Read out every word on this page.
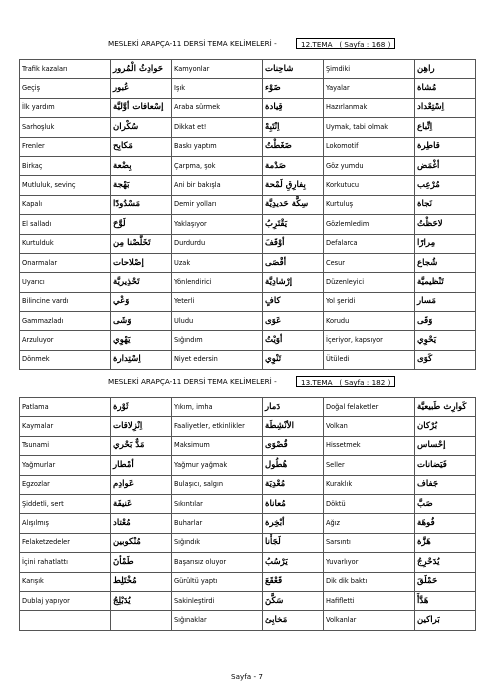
MESLEKİ ARAPÇA-11 DERSİ TEMA KELİMELERİ -	12.TEMA ( Sayfa : 168 )
Trafik kazaları	حَوادِثُ الْمُرور	Kamyonlar	شاحِنات	Şimdiki	راهِن
Geçiş	عُبور	Işık	ضَوْء	Yayalar	مُشاة
İlk yardım	إسْعافات أوَّليَّة	Araba sürmek	قِيادة	Hazırlanmak	اِسْتِعْداد
Sarhoşluk	سُكْران	Dikkat et!	اِنْتَبِهْ	Uymak, tabi olmak	اِتِّباع
Frenler	مَكابِح	Baskı yaptım	ضَغَطْتُ	Lokomotif	قاطِرة
Birkaç	بِضْعة	Çarpma, şok	صَدْمة	Göz yumdu	أغْمَض
Mutluluk, sevinç	بَهْجة	Ani bir bakışla	بِفارِقِ لَمْحة	Korkutucu	مُرْعِب
Kapalı	مَسْدُودًا	Demir yolları	سِكَّة حَديدِيَّة	Kurtuluş	نَجاة
El salladı	لَوَّحَ	Yaklaşıyor	يَقْتَرِبُ	Gözlemledim	لاحَظْتُ
Kurtulduk	تَخَلَّصْنا مِن	Durdurdu	أوْقَفَ	Defalarca	مِرارًا
Onarmalar	إصْلاحات	Uzak	أقْصَى	Cesur	شُجاع
Uyarıcı	تَحْذِيريَّة	Yönlendirici	إرْشادِيَّة	Düzenleyici	تَنْظيميَّة
Bilincine vardı	وَعْي	Yeterli	كافٍ	Yol şeridi	مَسار
Gammazladı	وَشَى	Uludu	عَوَى	Korudu	وَقَى
Arzuluyor	يَهْوِي	Sığındım	أوَيْتُ	İçeriyor, kapsıyor	يَحْوِي
Dönmek	اِسْتِدارة	Niyet edersin	تَنْوِي	Ütüledi	كَوَى
MESLEKİ ARAPÇA-11 DERSİ TEMA KELİMELERİ -	13.TEMA ( Sayfa : 182 )
Patlama	ثَوْرة	Yıkım, imha	دَمار	Doğal felaketler	كَوارِث طَبيعيَّة
Kaymalar	اِنْزِلاقات	Faaliyetler, etkinlikler	الأنْشِطَة	Volkan	بُرْكان
Tsunami	مَدٌّ بَحْري	Maksimum	قُصْوَى	Hissetmek	إحْساس
Yağmurlar	أمْطار	Yağmur yağmak	هُطُول	Seller	فَيَضانات
Egzozlar	عَوادِم	Bulaşıcı, salgın	مُعْدِيَة	Kuraklık	جَفاف
Şiddetli, sert	عَنيفَة	Sıkıntılar	مُعاناة	Döktü	صَبَّ
Alışılmış	مُعْتاد	Buharlar	أبْخِرة	Ağız	فُوهَة
Felaketzedeler	مُنْكوبين	Sığındık	لَجَأْنا	Sarsıntı	هَزَّة
İçini rahatlattı	طَمْأنَ	Başarısız oluyor	يَرْسُبُ	Yuvarlıyor	يُدَحْرِجُ
Karışık	مُخْتَلِط	Gürültü yaptı	قَعْقَعَ	Dik dik baktı	حَمْلَقَ
Dublaj yapıyor	يُدَبْلِجُ	Sakinleştirdi	سَكَّنَ	Hafifletti	هَدَّأَ
		Sığınaklar	مَخابِئ	Volkanlar	بَراكين
Sayfa - 7
